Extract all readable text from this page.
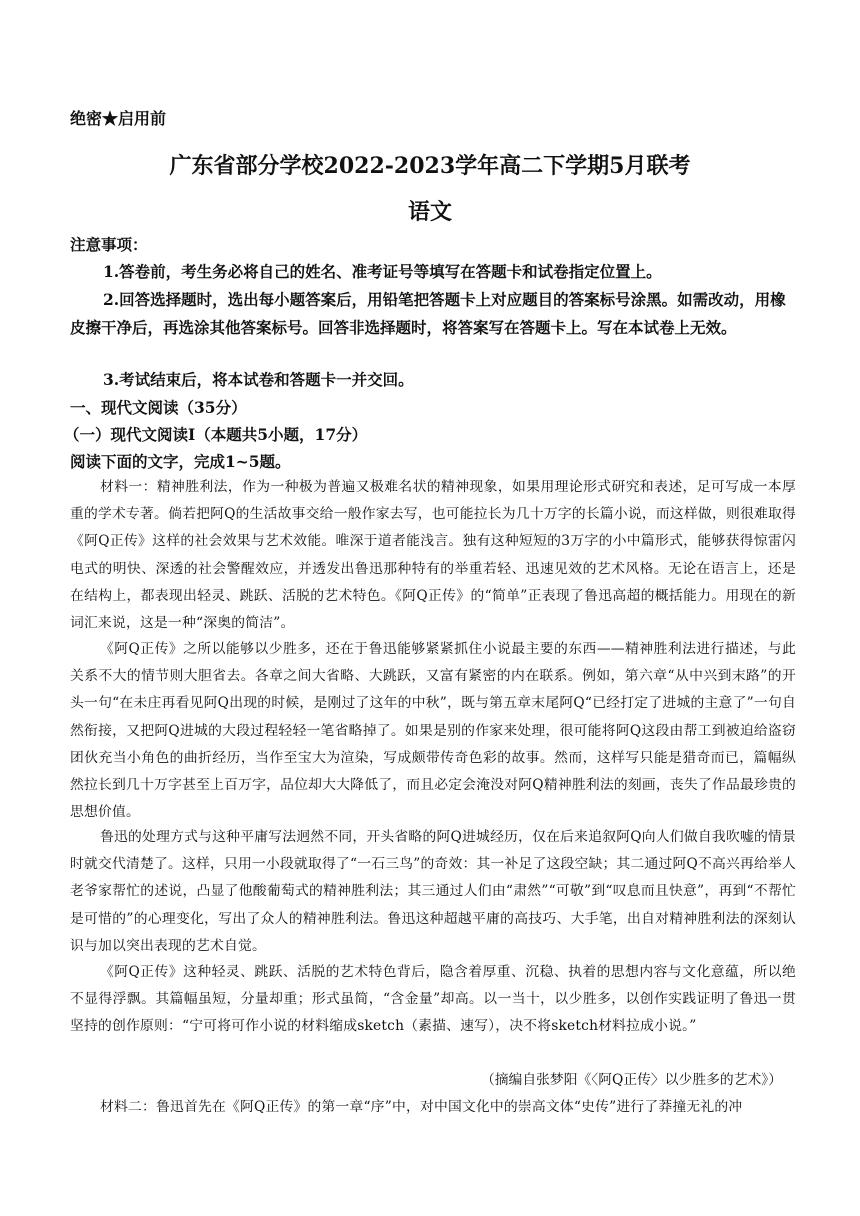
绝密★启用前
广东省部分学校2022-2023学年高二下学期5月联考
语文
注意事项：

1.答卷前，考生务必将自己的姓名、准考证号等填写在答题卡和试卷指定位置上。

2.回答选择题时，选出每小题答案后，用铅笔把答题卡上对应题目的答案标号涂黑。如需改动，用橡皮擦干净后，再选涂其他答案标号。回答非选择题时，将答案写在答题卡上。写在本试卷上无效。

3.考试结束后，将本试卷和答题卡一并交回。

一、现代文阅读（35分）
（一）现代文阅读I（本题共5小题，17分）
阅读下面的文字，完成1~5题。

材料一：精神胜利法，作为一种极为普遍又极难名状的精神现象，如果用理论形式研究和表述，足可写成一本厚重的学术专著。倘若把阿Q的生活故事交给一般作家去写，也可能拉长为几十万字的长篇小说，而这样做，则很难取得《阿Q正传》这样的社会效果与艺术效能。唯深于道者能浅言。独有这种短短的3万字的小中篇形式，能够获得惊雷闪电式的明快、深透的社会警醒效应，并透发出鲁迅那种特有的举重若轻、迅速见效的艺术风格。无论在语言上，还是在结构上，都表现出轻灵、跳跃、活脱的艺术特色。《阿Q正传》的“简单”正表现了鲁迅高超的概括能力。用现在的新词汇来说，这是一种“深奥的简洁”。

《阿Q正传》之所以能够以少胜多，还在于鲁迅能够紧紧抓住小说最主要的东西——精神胜利法进行描述，与此关系不大的情节则大胆省去。各章之间大省略、大跳跃，又富有紧密的内在联系。例如，第六章“从中兴到末路”的开头一句“在未庄再看见阿Q出现的时候，是刚过了这年的中秋”，既与第五章末尾阿Q“已经打定了进城的主意了”一句自然衔接，又把阿Q进城的大段过程轻轻一笔省略掉了。如果是别的作家来处理，很可能将阿Q这段由帮工到被迫给盗窃团伙充当小角色的曲折经历，当作至宝大为渲染，写成颇带传奇色彩的故事。然而，这样写只能是猎奇而已，篇幅纵然拉长到几十万字甚至上百万字，品位却大大降低了，而且必定会淹没对阿Q精神胜利法的刻画，丧失了作品最珍贵的思想价值。

鲁迅的处理方式与这种平庸写法迥然不同，开头省略的阿Q进城经历，仅在后来追叙阿Q向人们做自我吹嘘的情景时就交代清楚了。这样，只用一小段就取得了“一石三鸟”的奇效：其一补足了这段空缺；其二通过阿Q不高兴再给举人老爷家帮忙的述说，凸显了他酸葡萄式的精神胜利法；其三通过人们由“肃然”“可敬”到“叹息而且快意”，再到“不帮忙是可惜的”的心理变化，写出了众人的精神胜利法。鲁迅这种超越平庸的高技巧、大手笔，出自对精神胜利法的深刻认识与加以突出表现的艺术自觉。

《阿Q正传》这种轻灵、跳跃、活脱的艺术特色背后，隐含着厚重、沉稳、执着的思想内容与文化意蕴，所以绝不显得浮飘。其篇幅虽短，分量却重；形式虽简，“含金量”却高。以一当十，以少胜多，以创作实践证明了鲁迅一贯坚持的创作原则：“宁可将可作小说的材料缩成sketch（素描、速写），决不将sketch材料拉成小说。”

（摘编自张梦阳《〈阿Q正传〉以少胜多的艺术》）

材料二：鲁迅首先在《阿Q正传》的第一章“序”中，对中国文化中的崇高文体“史传”进行了莽撞无礼的冲
